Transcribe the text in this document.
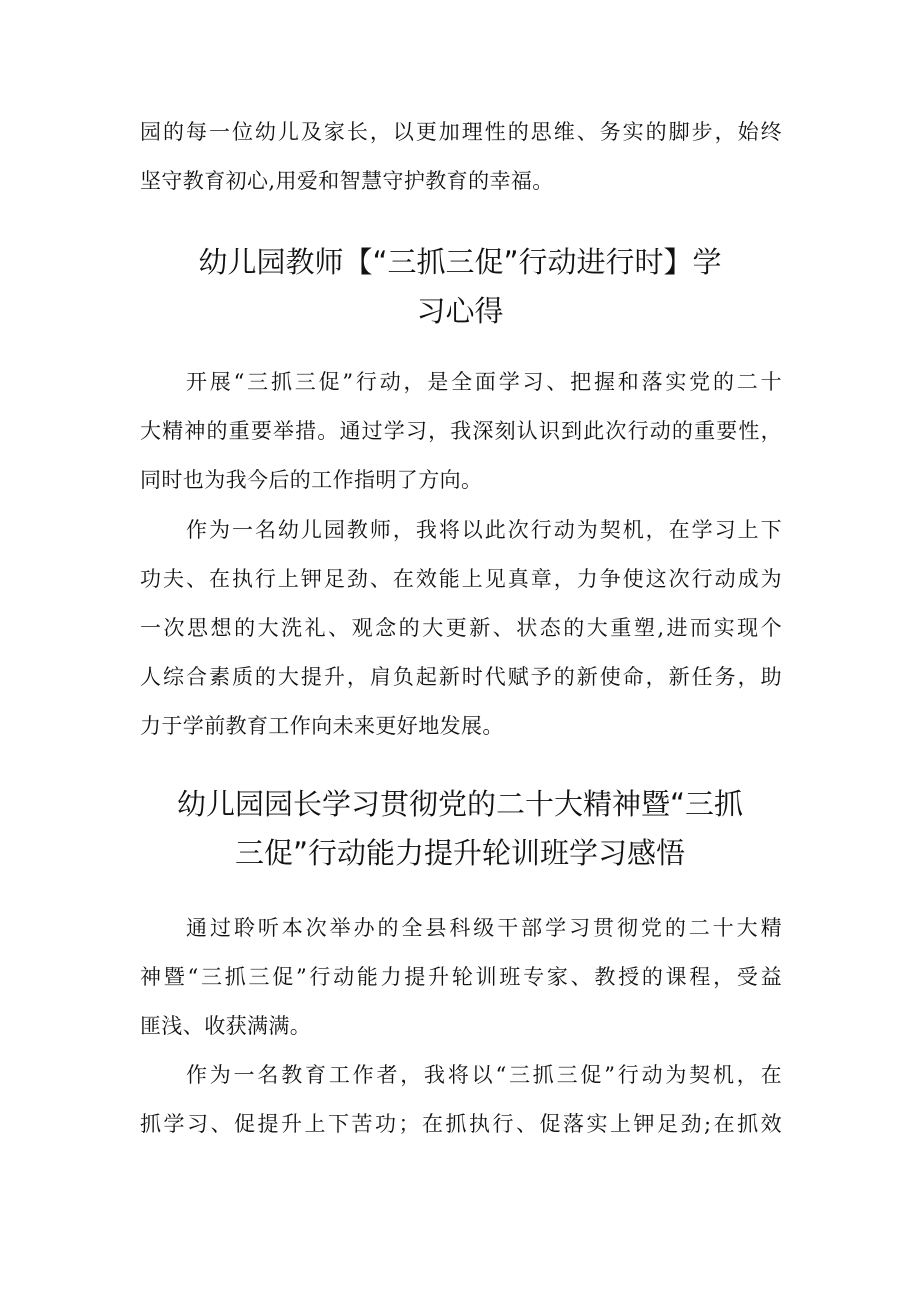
园的每一位幼儿及家长，以更加理性的思维、务实的脚步，始终
坚守教育初心,用爱和智慧守护教育的幸福。
幼儿园教师【“三抓三促”行动进行时】学
习心得
开展“三抓三促”行动，是全面学习、把握和落实党的二十
大精神的重要举措。通过学习，我深刻认识到此次行动的重要性，
同时也为我今后的工作指明了方向。
作为一名幼儿园教师，我将以此次行动为契机，在学习上下
功夫、在执行上钾足劲、在效能上见真章，力争使这次行动成为
一次思想的大洗礼、观念的大更新、状态的大重塑,进而实现个
人综合素质的大提升，肩负起新时代赋予的新使命，新任务，助
力于学前教育工作向未来更好地发展。
幼儿园园长学习贯彻党的二十大精神暨“三抓
三促”行动能力提升轮训班学习感悟
通过聆听本次举办的全县科级干部学习贯彻党的二十大精
神暨“三抓三促”行动能力提升轮训班专家、教授的课程，受益
匪浅、收获满满。
作为一名教育工作者，我将以“三抓三促”行动为契机，在
抓学习、促提升上下苦功；在抓执行、促落实上钾足劲;在抓效
